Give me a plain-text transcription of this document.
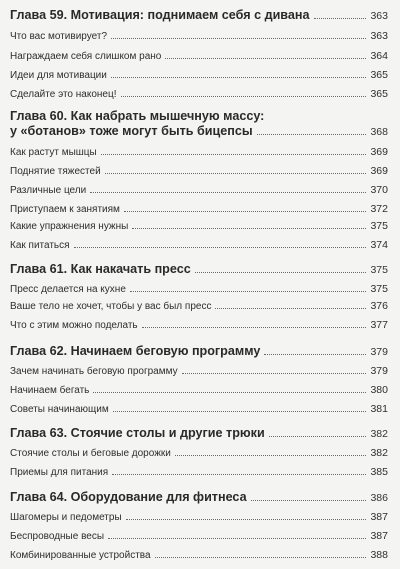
Глава 59. Мотивация: поднимаем себя с дивана	363
Что вас мотивирует?	363
Награждаем себя слишком рано	364
Идеи для мотивации	365
Сделайте это наконец!	365
Глава 60. Как набрать мышечную массу:
у «ботанов» тоже могут быть бицепсы	368
Как растут мышцы	369
Поднятие тяжестей	369
Различные цели	370
Приступаем к занятиям	372
Какие упражнения нужны	375
Как питаться	374
Глава 61. Как накачать пресс	375
Пресс делается на кухне	375
Ваше тело не хочет, чтобы у вас был пресс	376
Что с этим можно поделать	377
Глава 62. Начинаем беговую программу	379
Зачем начинать беговую программу	379
Начинаем бегать	380
Советы начинающим	381
Глава 63. Стоячие столы и другие трюки	382
Стоячие столы и беговые дорожки	382
Приемы для питания	385
Глава 64. Оборудование для фитнеса	386
Шагомеры и педометры	387
Беспроводные весы	387
Комбинированные устройства	388
